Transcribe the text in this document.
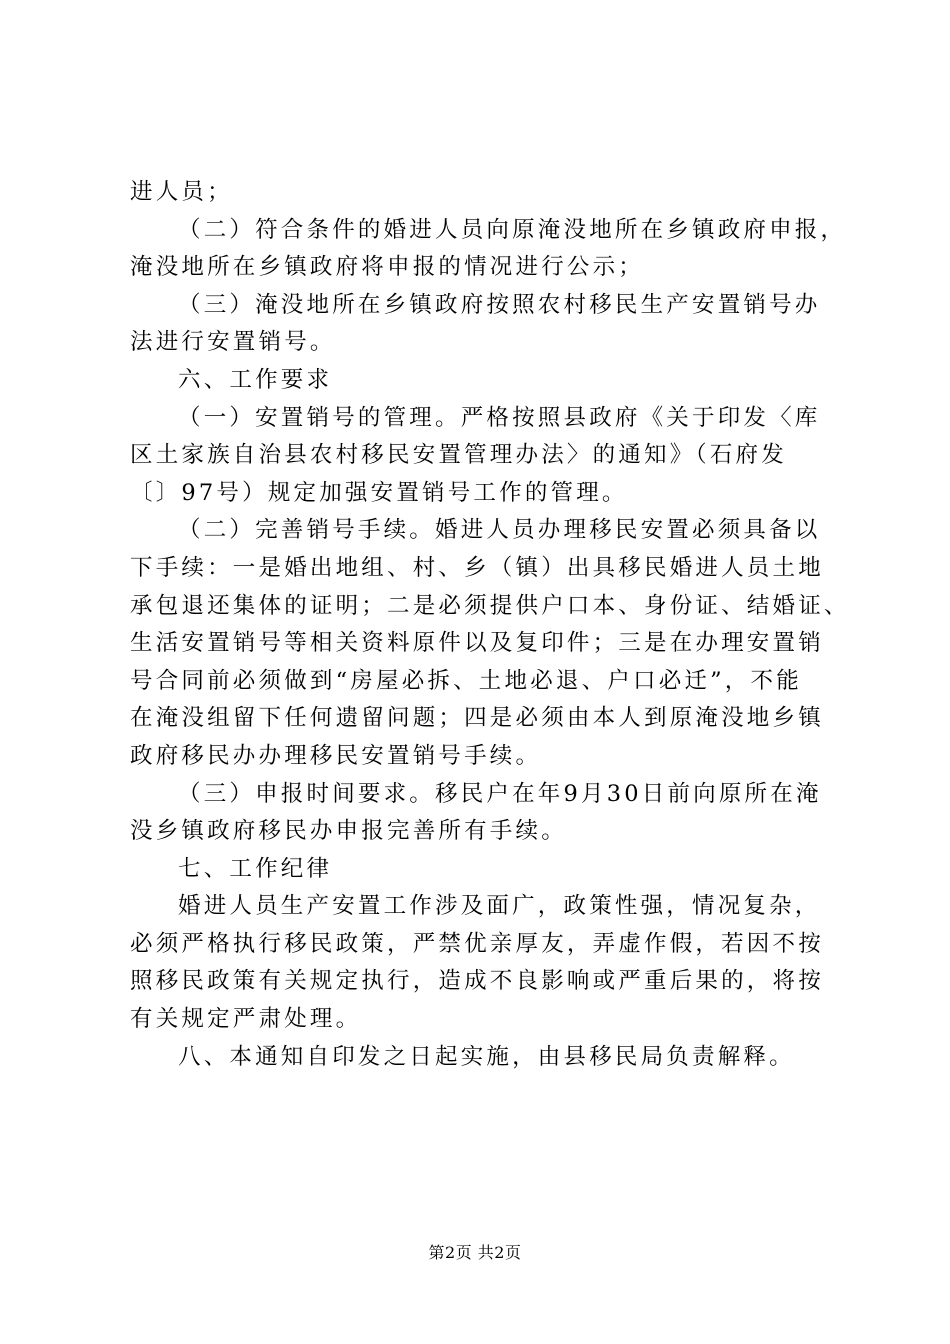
进人员；
（二）符合条件的婚进人员向原淹没地所在乡镇政府申报，
淹没地所在乡镇政府将申报的情况进行公示；
（三）淹没地所在乡镇政府按照农村移民生产安置销号办
法进行安置销号。
六、工作要求
（一）安置销号的管理。严格按照县政府《关于印发〈库
区土家族自治县农村移民安置管理办法〉的通知》（石府发
〔〕97号）规定加强安置销号工作的管理。
（二）完善销号手续。婚进人员办理移民安置必须具备以
下手续：一是婚出地组、村、乡（镇）出具移民婚进人员土地
承包退还集体的证明；二是必须提供户口本、身份证、结婚证、
生活安置销号等相关资料原件以及复印件；三是在办理安置销
号合同前必须做到“房屋必拆、土地必退、户口必迁”，不能
在淹没组留下任何遗留问题；四是必须由本人到原淹没地乡镇
政府移民办办理移民安置销号手续。
（三）申报时间要求。移民户在年9月30日前向原所在淹
没乡镇政府移民办申报完善所有手续。
七、工作纪律
婚进人员生产安置工作涉及面广，政策性强，情况复杂，
必须严格执行移民政策，严禁优亲厚友，弄虚作假，若因不按
照移民政策有关规定执行，造成不良影响或严重后果的，将按
有关规定严肃处理。
八、本通知自印发之日起实施，由县移民局负责解释。
第2页 共2页
